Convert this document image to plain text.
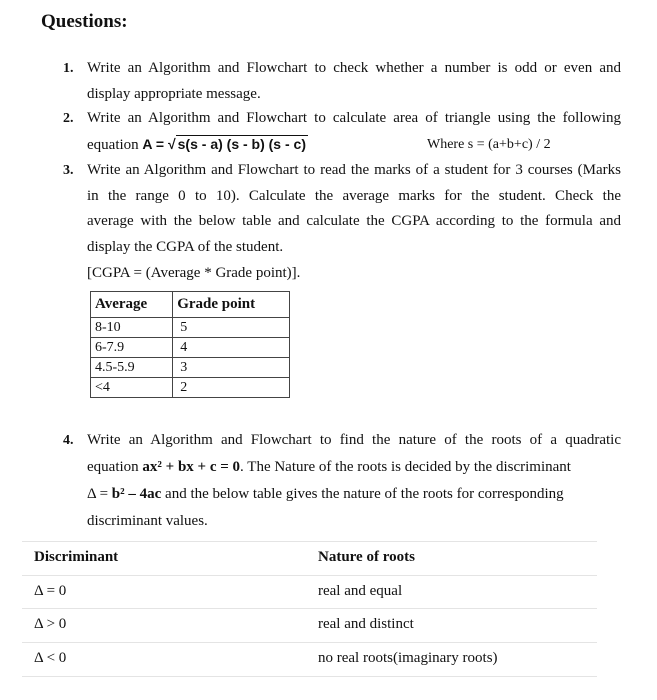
Questions:
1. Write an Algorithm and Flowchart to check whether a number is odd or even and
display appropriate message.
2. Write an Algorithm and Flowchart to calculate area of triangle using the following
equation A = √ s(s - a) (s - b) (s - c)	Where s = (a+b+c) / 2
3. Write an Algorithm and Flowchart to read the marks of a student for 3 courses (Marks
in the range 0 to 10). Calculate the average marks for the student. Check the
average with the below table and calculate the CGPA according to the formula and
display the CGPA of the student.
[CGPA = (Average * Grade point)].
Average	Grade point
8-10	5
6-7.9	4
4.5-5.9	3
<4	2
4. Write an Algorithm and Flowchart to find the nature of the roots of a quadratic
equation ax² + bx + c = 0. The Nature of the roots is decided by the discriminant
Δ = b² – 4ac and the below table gives the nature of the roots for corresponding
discriminant values.
Discriminant	Nature of roots
Δ = 0	real and equal
Δ > 0	real and distinct
Δ < 0	no real roots(imaginary roots)
